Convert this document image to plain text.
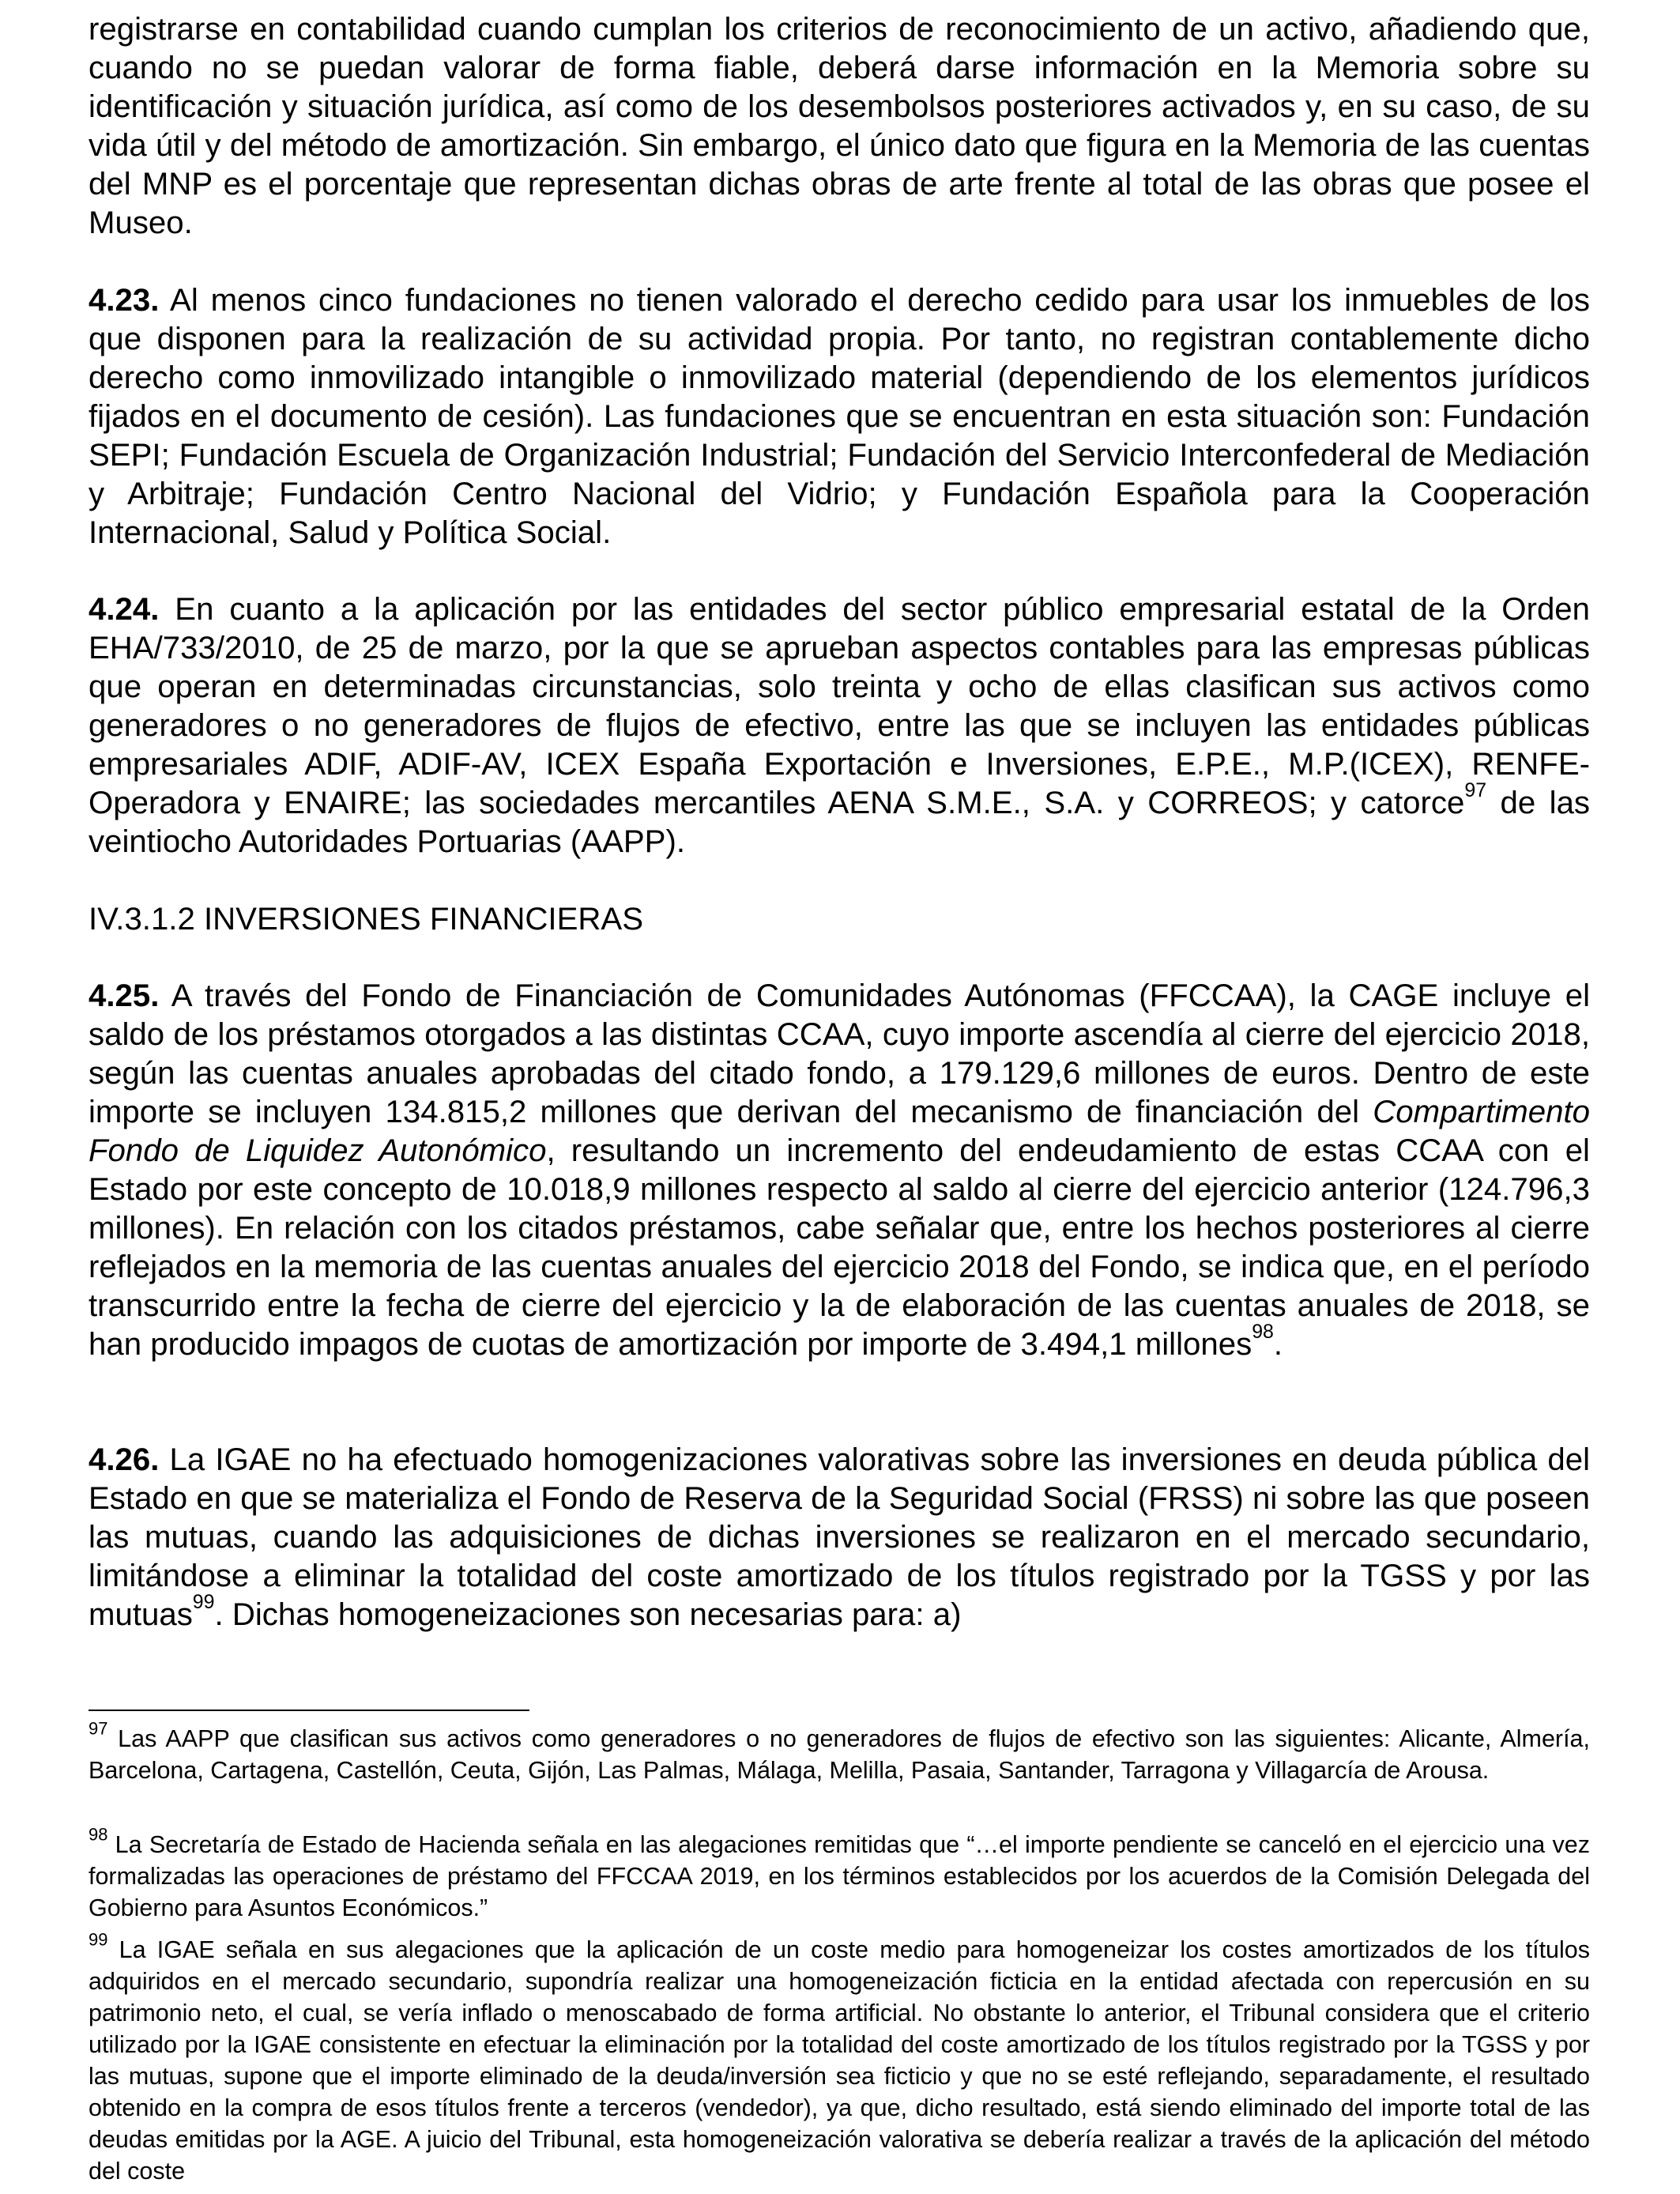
registrarse en contabilidad cuando cumplan los criterios de reconocimiento de un activo, añadiendo que, cuando no se puedan valorar de forma fiable, deberá darse información en la Memoria sobre su identificación y situación jurídica, así como de los desembolsos posteriores activados y, en su caso, de su vida útil y del método de amortización. Sin embargo, el único dato que figura en la Memoria de las cuentas del MNP es el porcentaje que representan dichas obras de arte frente al total de las obras que posee el Museo.

4.23. Al menos cinco fundaciones no tienen valorado el derecho cedido para usar los inmuebles de los que disponen para la realización de su actividad propia. Por tanto, no registran contablemente dicho derecho como inmovilizado intangible o inmovilizado material (dependiendo de los elementos jurídicos fijados en el documento de cesión). Las fundaciones que se encuentran en esta situación son: Fundación SEPI; Fundación Escuela de Organización Industrial; Fundación del Servicio Interconfederal de Mediación y Arbitraje; Fundación Centro Nacional del Vidrio; y Fundación Española para la Cooperación Internacional, Salud y Política Social.

4.24. En cuanto a la aplicación por las entidades del sector público empresarial estatal de la Orden EHA/733/2010, de 25 de marzo, por la que se aprueban aspectos contables para las empresas públicas que operan en determinadas circunstancias, solo treinta y ocho de ellas clasifican sus activos como generadores o no generadores de flujos de efectivo, entre las que se incluyen las entidades públicas empresariales ADIF, ADIF-AV, ICEX España Exportación e Inversiones, E.P.E., M.P.(ICEX), RENFE-Operadora y ENAIRE; las sociedades mercantiles AENA S.M.E., S.A. y CORREOS; y catorce$^{97}$ de las veintiocho Autoridades Portuarias (AAPP).

IV.3.1.2 INVERSIONES FINANCIERAS

4.25. A través del Fondo de Financiación de Comunidades Autónomas (FFCCAA), la CAGE incluye el saldo de los préstamos otorgados a las distintas CCAA, cuyo importe ascendía al cierre del ejercicio 2018, según las cuentas anuales aprobadas del citado fondo, a 179.129,6 millones de euros. Dentro de este importe se incluyen 134.815,2 millones que derivan del mecanismo de financiación del Compartimento Fondo de Liquidez Autonómico, resultando un incremento del endeudamiento de estas CCAA con el Estado por este concepto de 10.018,9 millones respecto al saldo al cierre del ejercicio anterior (124.796,3 millones). En relación con los citados préstamos, cabe señalar que, entre los hechos posteriores al cierre reflejados en la memoria de las cuentas anuales del ejercicio 2018 del Fondo, se indica que, en el período transcurrido entre la fecha de cierre del ejercicio y la de elaboración de las cuentas anuales de 2018, se han producido impagos de cuotas de amortización por importe de 3.494,1 millones$^{98}$.

4.26. La IGAE no ha efectuado homogenizaciones valorativas sobre las inversiones en deuda pública del Estado en que se materializa el Fondo de Reserva de la Seguridad Social (FRSS) ni sobre las que poseen las mutuas, cuando las adquisiciones de dichas inversiones se realizaron en el mercado secundario, limitándose a eliminar la totalidad del coste amortizado de los títulos registrado por la TGSS y por las mutuas$^{99}$. Dichas homogeneizaciones son necesarias para: a)

$^{97}$ Las AAPP que clasifican sus activos como generadores o no generadores de flujos de efectivo son las siguientes: Alicante, Almería, Barcelona, Cartagena, Castellón, Ceuta, Gijón, Las Palmas, Málaga, Melilla, Pasaia, Santander, Tarragona y Villagarcía de Arousa.

$^{98}$ La Secretaría de Estado de Hacienda señala en las alegaciones remitidas que “…el importe pendiente se canceló en el ejercicio una vez formalizadas las operaciones de préstamo del FFCCAA 2019, en los términos establecidos por los acuerdos de la Comisión Delegada del Gobierno para Asuntos Económicos.”

$^{99}$ La IGAE señala en sus alegaciones que la aplicación de un coste medio para homogeneizar los costes amortizados de los títulos adquiridos en el mercado secundario, supondría realizar una homogeneización ficticia en la entidad afectada con repercusión en su patrimonio neto, el cual, se vería inflado o menoscabado de forma artificial. No obstante lo anterior, el Tribunal considera que el criterio utilizado por la IGAE consistente en efectuar la eliminación por la totalidad del coste amortizado de los títulos registrado por la TGSS y por las mutuas, supone que el importe eliminado de la deuda/inversión sea ficticio y que no se esté reflejando, separadamente, el resultado obtenido en la compra de esos títulos frente a terceros (vendedor), ya que, dicho resultado, está siendo eliminado del importe total de las deudas emitidas por la AGE. A juicio del Tribunal, esta homogeneización valorativa se debería realizar a través de la aplicación del método del coste
